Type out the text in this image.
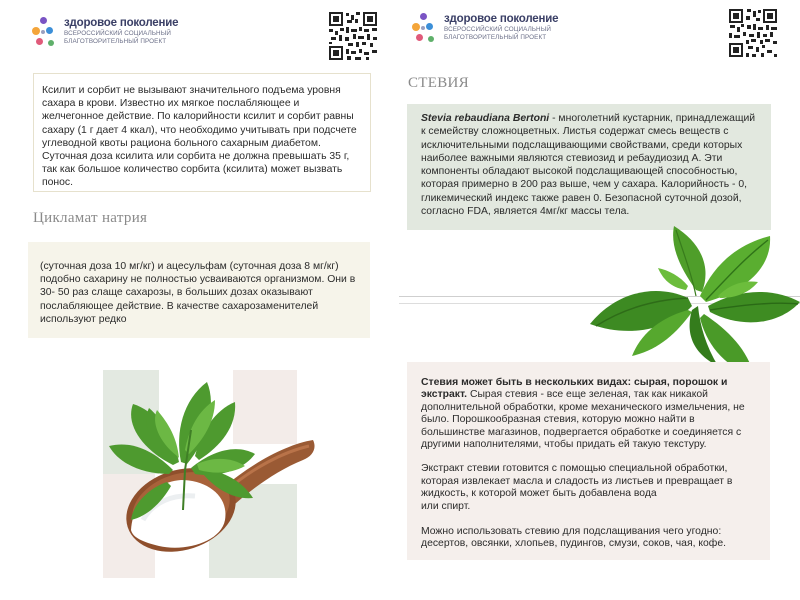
здоровое поколение
ВСЕРОССИЙСКИЙ СОЦИАЛЬНЫЙ
БЛАГОТВОРИТЕЛЬНЫЙ ПРОЕКТ

Ксилит и сорбит не вызывают значительного подъема уровня сахара в крови. Известно их мягкое послабляющее и желчегонное действие. По калорийности ксилит и сорбит равны сахару (1 г дает 4 ккал), что необходимо учитывать при подсчете углеводной квоты рациона больного сахарным диабетом. Суточная доза ксилита или сорбита не должна превышать 35 г, так как большое количество сорбита (ксилита) может вызвать понос.

Цикламат натрия

(суточная доза 10 мг/кг) и ацесульфам (суточная доза 8 мг/кг) подобно сахарину не полностью усваиваются организмом. Они в 30- 50 раз слаще сахарозы, в больших дозах оказывают послабляющее действие. В качестве сахарозаменителей используют редко

здоровое поколение
ВСЕРОССИЙСКИЙ СОЦИАЛЬНЫЙ
БЛАГОТВОРИТЕЛЬНЫЙ ПРОЕКТ
СТЕВИЯ

Stevia rebaudiana Bertoni - многолетний кустарник, принадлежащий к семейству сложноцветных. Листья содержат смесь веществ с исключительными подслащивающими свойствами, среди которых наиболее важными являются стевиозид и ребаудиозид А. Эти компоненты обладают высокой подслащивающей способностью, которая примерно в 200 раз выше, чем у сахара. Калорийность - 0, гликемический индекс также равен 0. Безопасной суточной дозой, согласно FDA, является 4мг/кг массы тела.

Стевия может быть в нескольких видах: сырая, порошок и экстракт. Сырая стевия - все еще зеленая, так как никакой дополнительной обработки, кроме механического измельчения, не было. Порошкообразная стевия, которую можно найти в большинстве магазинов, подвергается обработке и соединяется с другими наполнителями, чтобы придать ей такую текстуру.

Экстракт стевии готовится с помощью специальной обработки, которая извлекает масла и сладость из листьев и превращает в жидкость, к которой может быть добавлена вода
или спирт.

Можно использовать стевию для подслащивания чего угодно: десертов, овсянки, хлопьев, пудингов, смузи, соков, чая, кофе.
